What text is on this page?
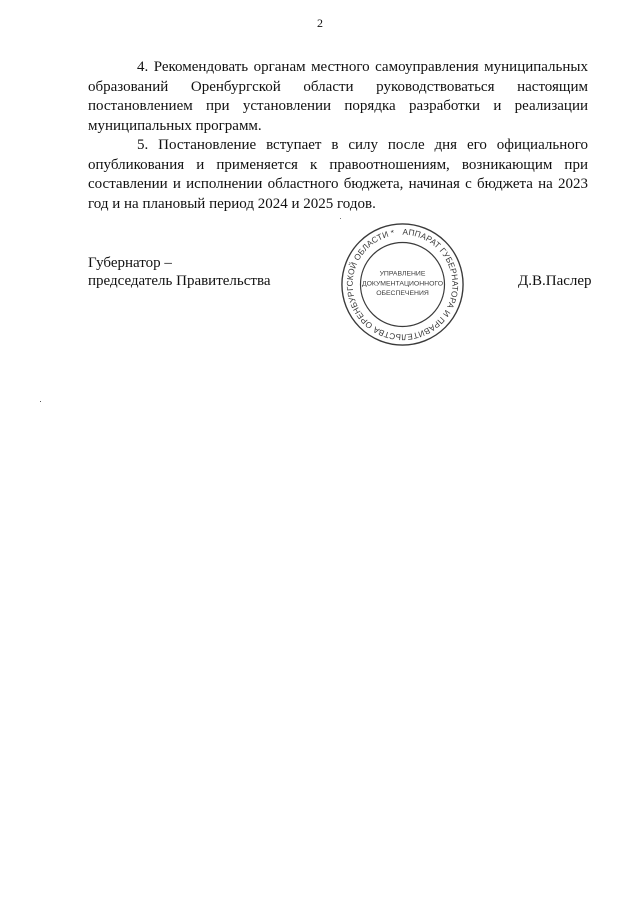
2

4. Рекомендовать органам местного самоуправления муниципальных образований Оренбургской области руководствоваться настоящим постановлением при установлении порядка разработки и реализации муниципальных программ.

5. Постановление вступает в силу после дня его официального опубликования и применяется к правоотношениям, возникающим при составлении и исполнении областного бюджета, начиная с бюджета на 2023 год и на плановый период 2024 и 2025 годов.

Губернатор –
председатель Правительства
АППАРАТ ГУБЕРНАТОРА И ПРАВИТЕЛЬСТВА ОРЕНБУРГСКОЙ ОБЛАСТИ *
УПРАВЛЕНИЕ
ДОКУМЕНТАЦИОННОГО
ОБЕСПЕЧЕНИЯ
Д.В.Паслер
